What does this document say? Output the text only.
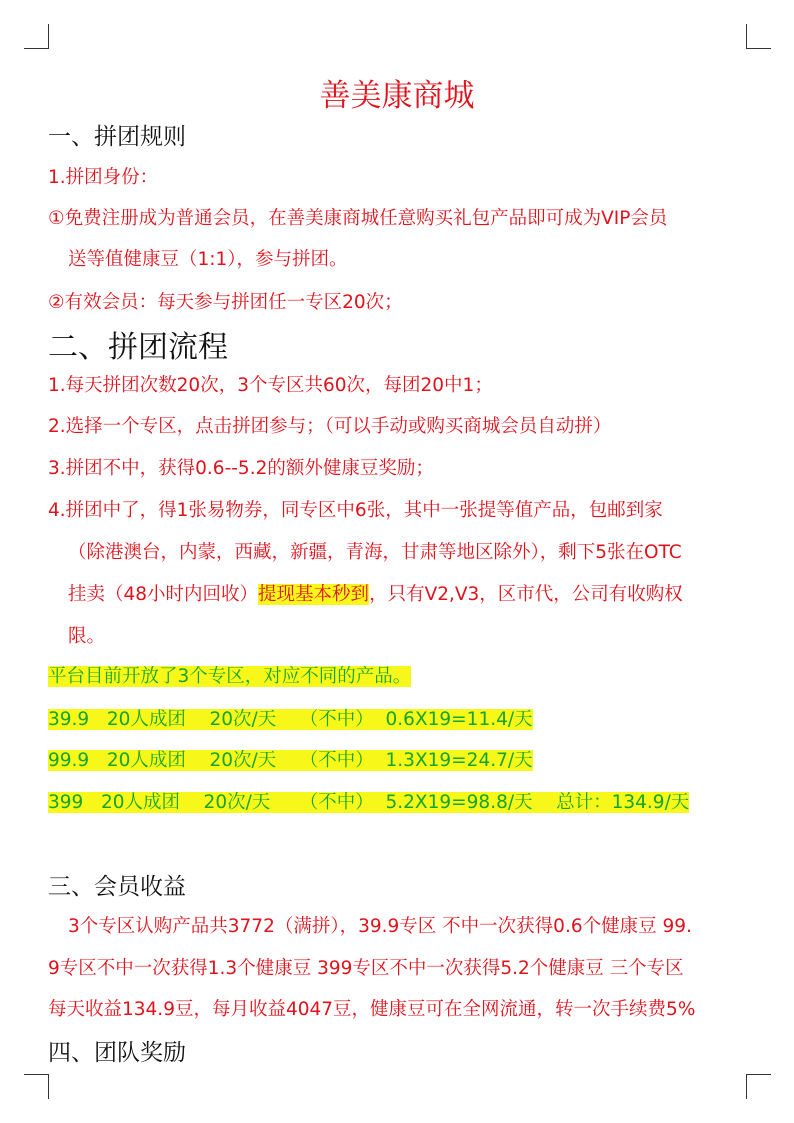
善美康商城
一、拼团规则
1.拼团身份：
①免费注册成为普通会员，在善美康商城任意购买礼包产品即可成为VIP会员
送等值健康豆（1:1），参与拼团。
②有效会员：每天参与拼团任一专区20次；
二、拼团流程
1.每天拼团次数20次，3个专区共60次，每团20中1；
2.选择一个专区，点击拼团参与；（可以手动或购买商城会员自动拼）
3.拼团不中，获得0.6--5.2的额外健康豆奖励；
4.拼团中了，得1张易物券，同专区中6张，其中一张提等值产品，包邮到家
（除港澳台，内蒙，西藏，新疆，青海，甘肃等地区除外），剩下5张在OTC
挂卖（48小时内回收）提现基本秒到，只有V2,V3，区市代，公司有收购权
限。
平台目前开放了3个专区，对应不同的产品。
39.9 20人成团 20次/天 （不中） 0.6X19=11.4/天
99.9 20人成团 20次/天 （不中） 1.3X19=24.7/天
399 20人成团 20次/天 （不中） 5.2X19=98.8/天 总计：134.9/天
三、会员收益
3个专区认购产品共3772（满拼），39.9专区 不中一次获得0.6个健康豆 99.
9专区不中一次获得1.3个健康豆 399专区不中一次获得5.2个健康豆 三个专区
每天收益134.9豆，每月收益4047豆，健康豆可在全网流通，转一次手续费5%
四、团队奖励
